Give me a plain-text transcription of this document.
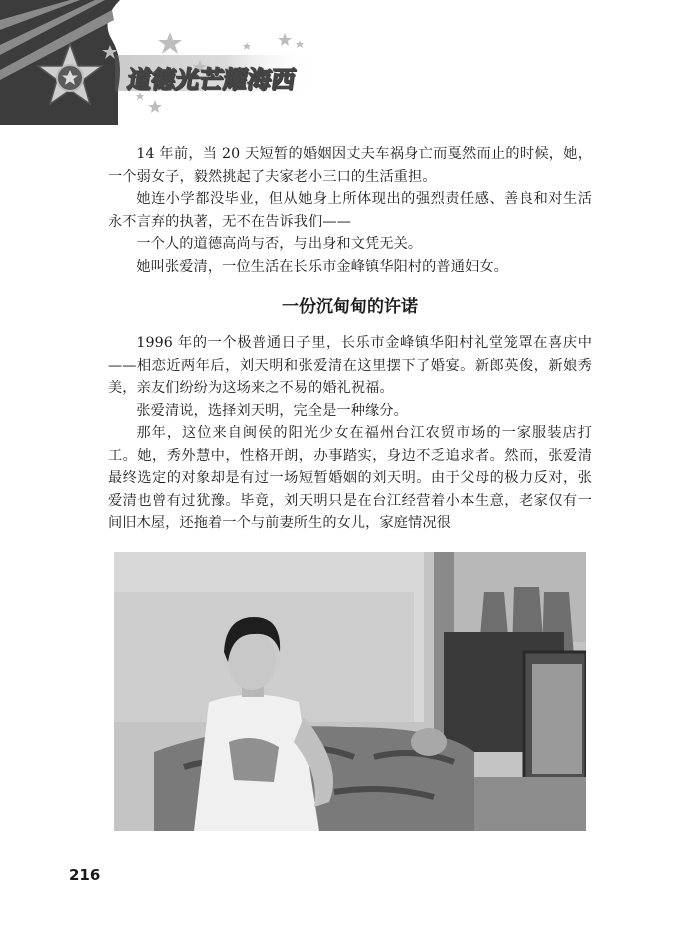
道德光芒耀海西

14 年前，当 20 天短暂的婚姻因丈夫车祸身亡而戛然而止的时候，她，一个弱女子，毅然挑起了夫家老小三口的生活重担。

她连小学都没毕业，但从她身上所体现出的强烈责任感、善良和对生活永不言弃的执著，无不在告诉我们——

一个人的道德高尚与否，与出身和文凭无关。

她叫张爱清，一位生活在长乐市金峰镇华阳村的普通妇女。

一份沉甸甸的许诺

1996 年的一个极普通日子里，长乐市金峰镇华阳村礼堂笼罩在喜庆中——相恋近两年后，刘天明和张爱清在这里摆下了婚宴。新郎英俊，新娘秀美，亲友们纷纷为这场来之不易的婚礼祝福。

张爱清说，选择刘天明，完全是一种缘分。

那年，这位来自闽侯的阳光少女在福州台江农贸市场的一家服装店打工。她，秀外慧中，性格开朗，办事踏实，身边不乏追求者。然而，张爱清最终选定的对象却是有过一场短暂婚姻的刘天明。由于父母的极力反对，张爱清也曾有过犹豫。毕竟，刘天明只是在台江经营着小本生意，老家仅有一间旧木屋，还拖着一个与前妻所生的女儿，家庭情况很

216
